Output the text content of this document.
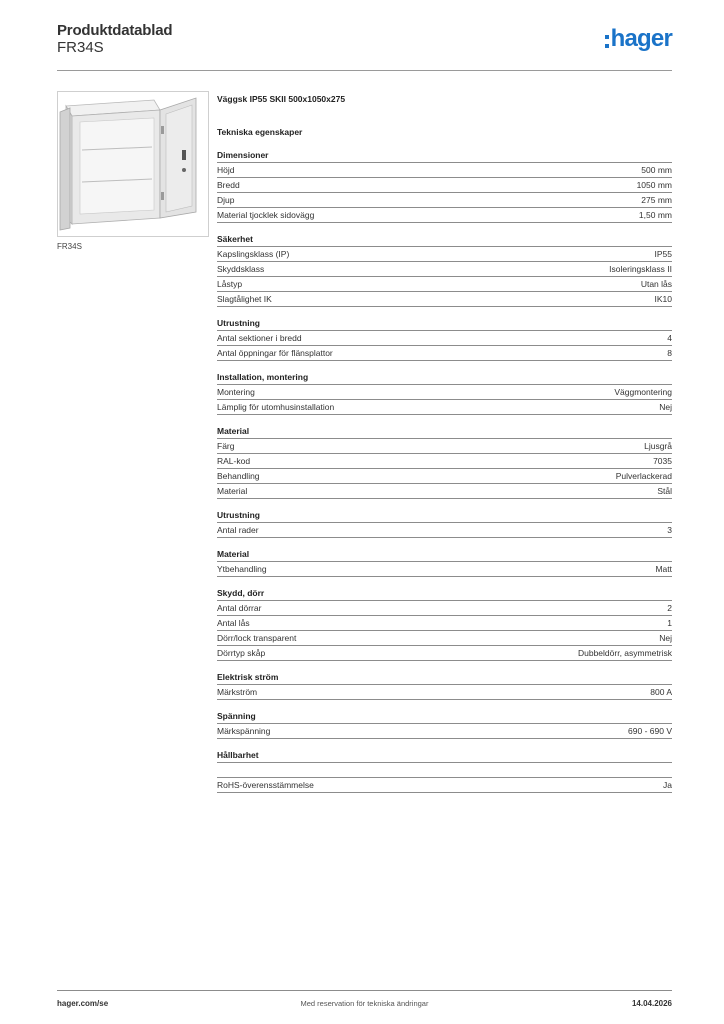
Produktdatablad
FR34S	hager
FR34S
Väggsk IP55 SKII 500x1050x275
Tekniska egenskaper
Dimensioner
Höjd	500 mm
Bredd	1050 mm
Djup	275 mm
Material tjocklek sidovägg	1,50 mm
Säkerhet
Kapslingsklass (IP)	IP55
Skyddsklass	Isoleringsklass II
Låstyp	Utan lås
Slagtålighet IK	IK10
Utrustning
Antal sektioner i bredd	4
Antal öppningar för flänsplattor	8
Installation, montering
Montering	Väggmontering
Lämplig för utomhusinstallation	Nej
Material
Färg	Ljusgrå
RAL-kod	7035
Behandling	Pulverlackerad
Material	Stål
Utrustning
Antal rader	3
Material
Ytbehandling	Matt
Skydd, dörr
Antal dörrar	2
Antal lås	1
Dörr/lock transparent	Nej
Dörrtyp skåp	Dubbeldörr, asymmetrisk
Elektrisk ström
Märkström	800 A
Spänning
Märkspänning	690 - 690 V
Hållbarhet
RoHS-överensstämmelse	Ja
hager.com/se	Med reservation för tekniska ändringar	14.04.2026
